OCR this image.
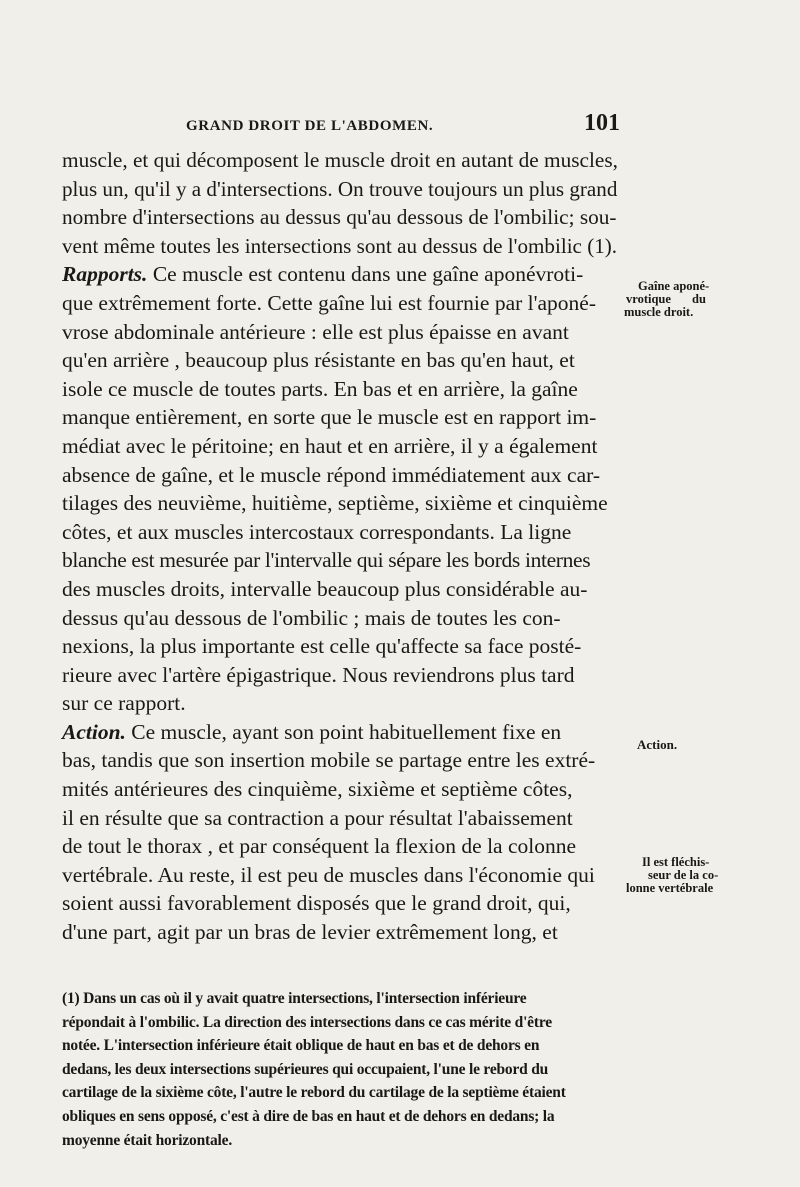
GRAND DROIT DE L'ABDOMEN.	101
muscle, et qui décomposent le muscle droit en autant de muscles,
plus un, qu'il y a d'intersections. On trouve toujours un plus grand
nombre d'intersections au dessus qu'au dessous de l'ombilic; sou-
vent même toutes les intersections sont au dessus de l'ombilic (1).
Rapports. Ce muscle est contenu dans une gaîne aponévroti-
que extrêmement forte. Cette gaîne lui est fournie par l'aponé-
vrose abdominale antérieure : elle est plus épaisse en avant
qu'en arrière , beaucoup plus résistante en bas qu'en haut, et
isole ce muscle de toutes parts. En bas et en arrière, la gaîne
manque entièrement, en sorte que le muscle est en rapport im-
médiat avec le péritoine; en haut et en arrière, il y a également
absence de gaîne, et le muscle répond immédiatement aux car-
tilages des neuvième, huitième, septième, sixième et cinquième
côtes, et aux muscles intercostaux correspondants. La ligne
blanche est mesurée par l'intervalle qui sépare les bords internes
des muscles droits, intervalle beaucoup plus considérable au-
dessus qu'au dessous de l'ombilic ; mais de toutes les con-
nexions, la plus importante est celle qu'affecte sa face posté-
rieure avec l'artère épigastrique. Nous reviendrons plus tard
sur ce rapport.
Action. Ce muscle, ayant son point habituellement fixe en
bas, tandis que son insertion mobile se partage entre les extré-
mités antérieures des cinquième, sixième et septième côtes,
il en résulte que sa contraction a pour résultat l'abaissement
de tout le thorax , et par conséquent la flexion de la colonne
vertébrale. Au reste, il est peu de muscles dans l'économie qui
soient aussi favorablement disposés que le grand droit, qui,
d'une part, agit par un bras de levier extrêmement long, et
Gaîne aponé-
vrotique du
muscle droit.
Action.
Il est fléchis-
seur de la co-
lonne vertébrale
(1) Dans un cas où il y avait quatre intersections, l'intersection inférieure
répondait à l'ombilic. La direction des intersections dans ce cas mérite d'être
notée. L'intersection inférieure était oblique de haut en bas et de dehors en
dedans, les deux intersections supérieures qui occupaient, l'une le rebord du
cartilage de la sixième côte, l'autre le rebord du cartilage de la septième étaient
obliques en sens opposé, c'est à dire de bas en haut et de dehors en dedans; la
moyenne était horizontale.
